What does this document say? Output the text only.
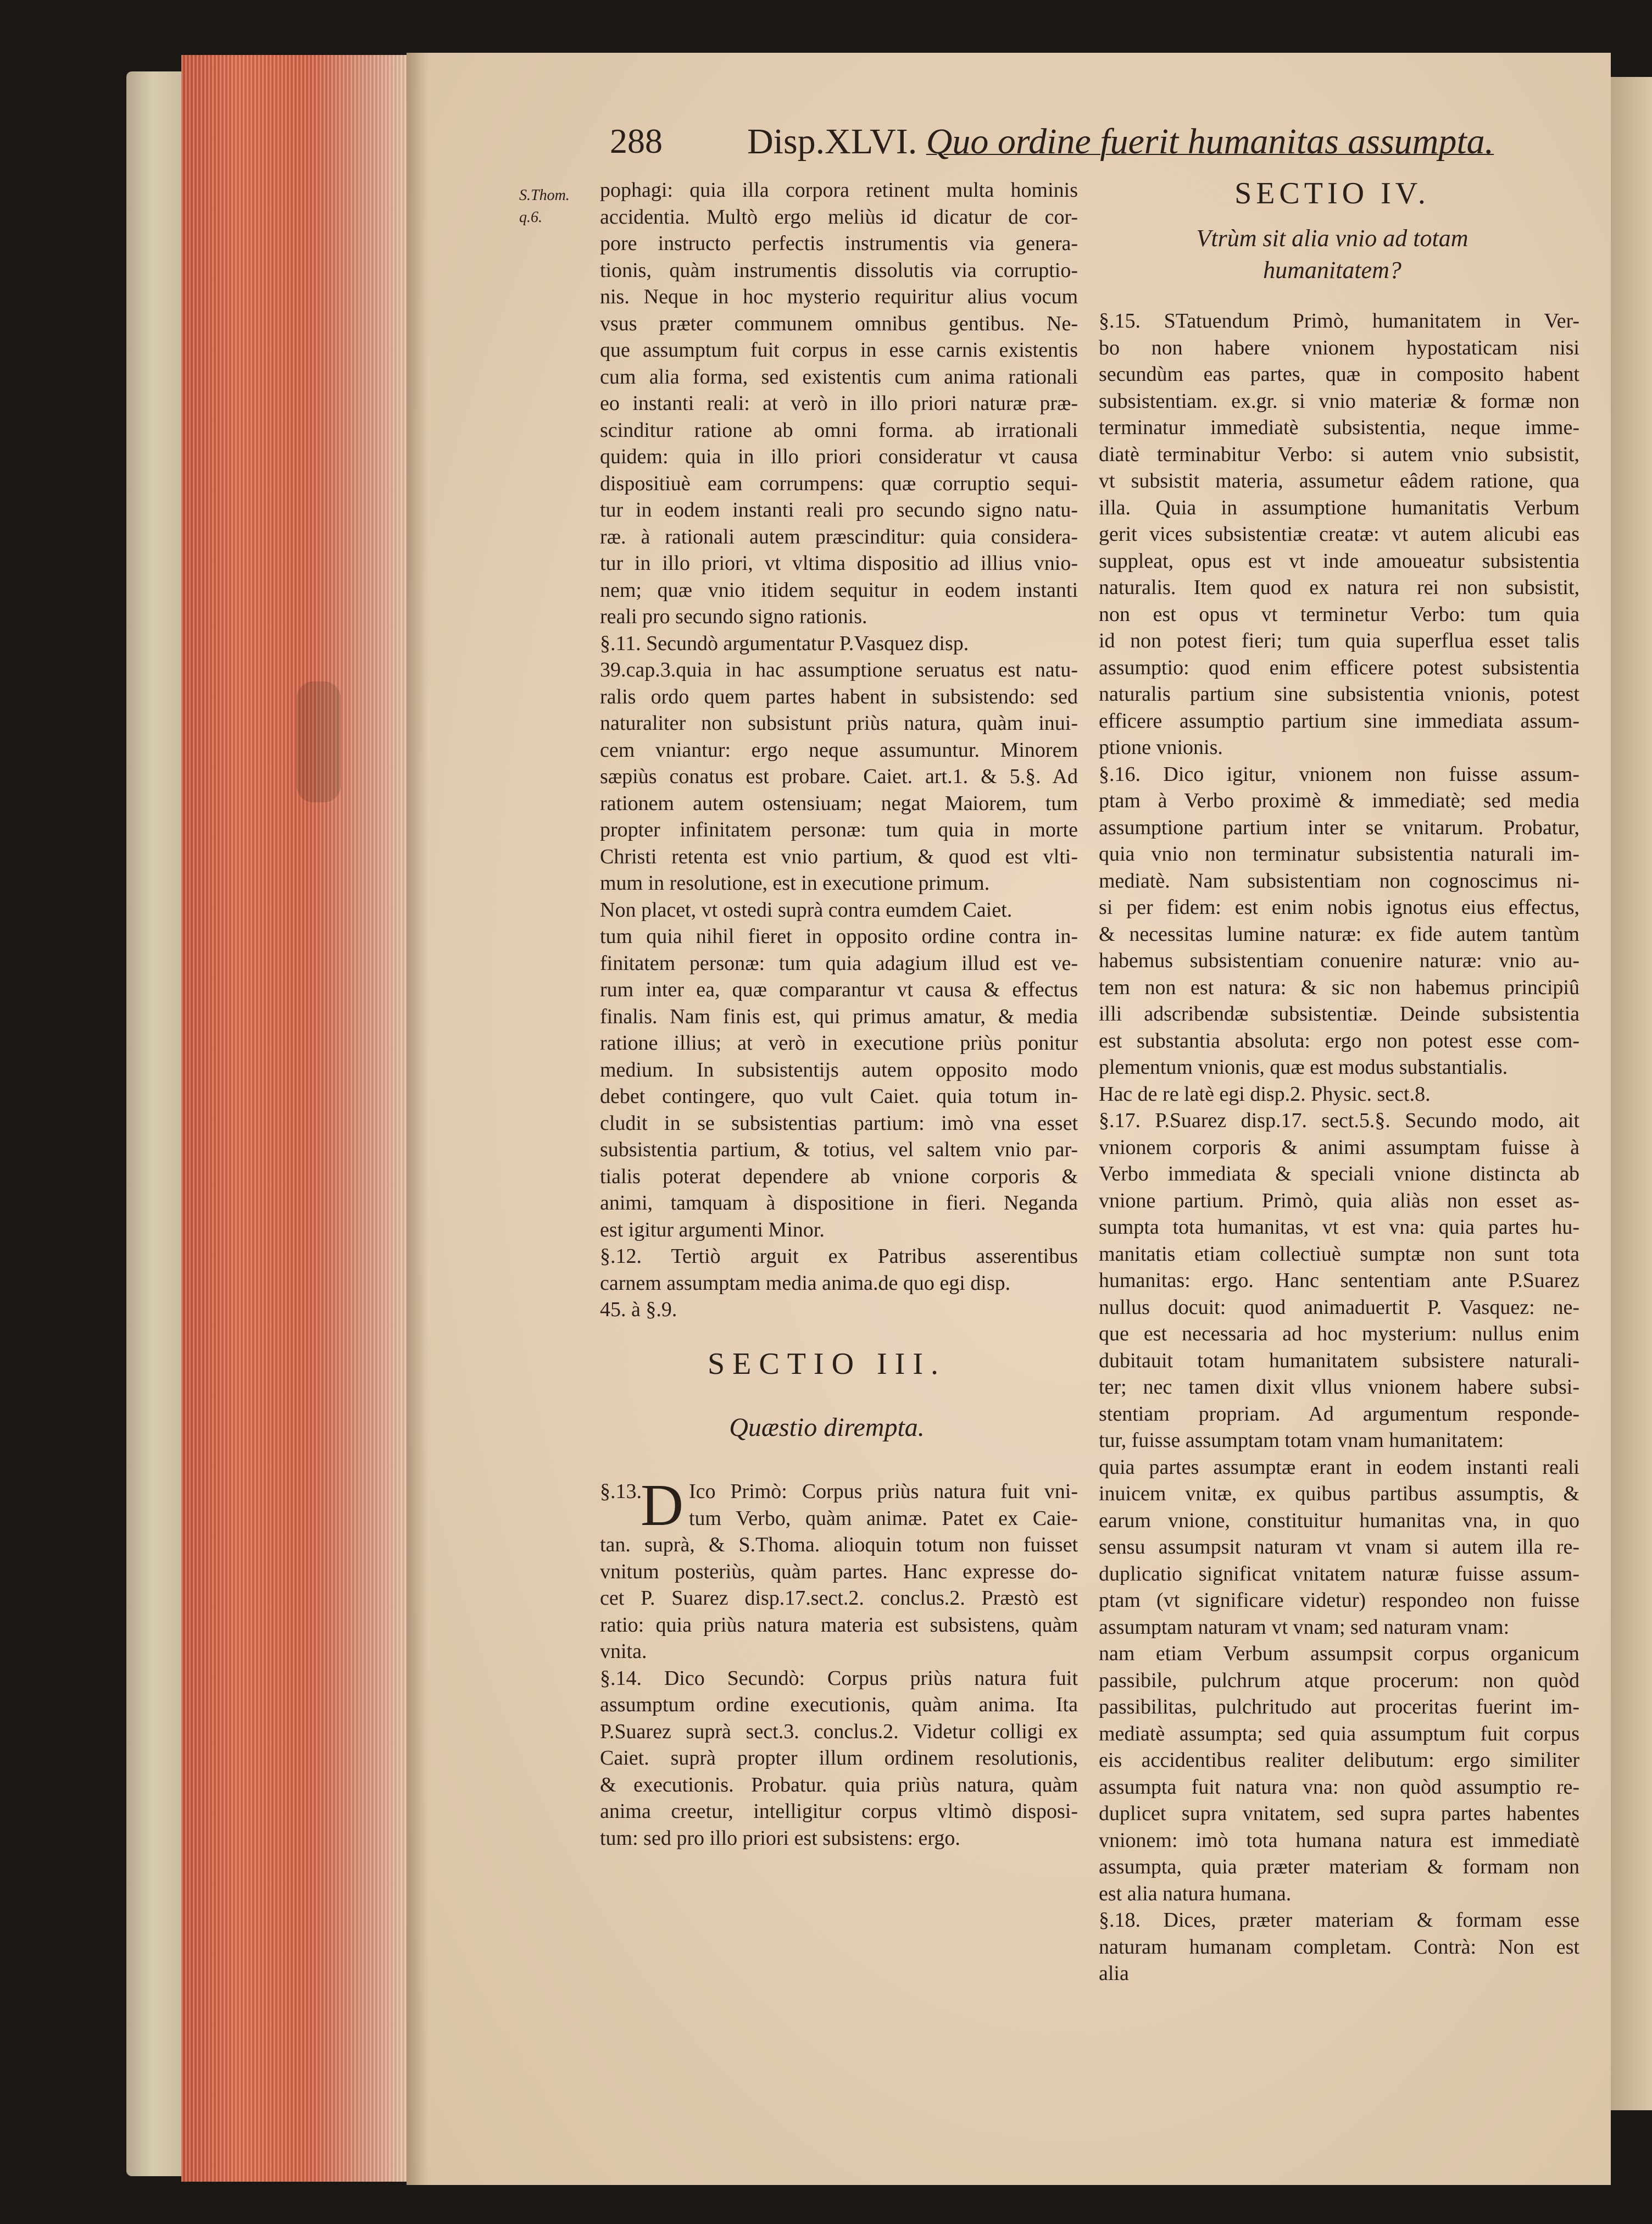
288 Disp.XLVI. Quo ordine fuerit humanitas assumpta.
S.Thom.
q.6.
pophagi: quia illa corpora retinent multa hominis
accidentia. Multò ergo meliùs id dicatur de cor-
pore instructo perfectis instrumentis via genera-
tionis, quàm instrumentis dissolutis via corruptio-
nis. Neque in hoc mysterio requiritur alius vocum
vsus præter communem omnibus gentibus. Ne-
que assumptum fuit corpus in esse carnis existentis
cum alia forma, sed existentis cum anima rationali
eo instanti reali: at verò in illo priori naturæ præ-
scinditur ratione ab omni forma. ab irrationali
quidem: quia in illo priori consideratur vt causa
dispositiuè eam corrumpens: quæ corruptio sequi-
tur in eodem instanti reali pro secundo signo natu-
ræ. à rationali autem præscinditur: quia considera-
tur in illo priori, vt vltima dispositio ad illius vnio-
nem; quæ vnio itidem sequitur in eodem instanti
reali pro secundo signo rationis.
§.11. Secundò argumentatur P.Vasquez disp.
39.cap.3.quia in hac assumptione seruatus est natu-
ralis ordo quem partes habent in subsistendo: sed
naturaliter non subsistunt priùs natura, quàm inui-
cem vniantur: ergo neque assumuntur. Minorem
sæpiùs conatus est probare. Caiet. art.1. & 5.§. Ad
rationem autem ostensiuam; negat Maiorem, tum
propter infinitatem personæ: tum quia in morte
Christi retenta est vnio partium, & quod est vlti-
mum in resolutione, est in executione primum.
Non placet, vt ostedi suprà contra eumdem Caiet.
tum quia nihil fieret in opposito ordine contra in-
finitatem personæ: tum quia adagium illud est ve-
rum inter ea, quæ comparantur vt causa & effectus
finalis. Nam finis est, qui primus amatur, & media
ratione illius; at verò in executione priùs ponitur
medium. In subsistentijs autem opposito modo
debet contingere, quo vult Caiet. quia totum in-
cludit in se subsistentias partium: imò vna esset
subsistentia partium, & totius, vel saltem vnio par-
tialis poterat dependere ab vnione corporis &
animi, tamquam à dispositione in fieri. Neganda
est igitur argumenti Minor.
§.12. Tertiò arguit ex Patribus asserentibus
carnem assumptam media anima.de quo egi disp.
45. à §.9.
SECTIO III.
Quæstio dirempta.
§.13.
D Ico Primò: Corpus priùs natura fuit vni-
tum Verbo, quàm animæ. Patet ex Caie-
tan. suprà, & S.Thoma. alioquin totum non fuisset
vnitum posteriùs, quàm partes. Hanc expresse do-
cet P. Suarez disp.17.sect.2. conclus.2. Præstò est
ratio: quia priùs natura materia est subsistens, quàm
vnita.
§.14. Dico Secundò: Corpus priùs natura fuit
assumptum ordine executionis, quàm anima. Ita
P.Suarez suprà sect.3. conclus.2. Videtur colligi ex
Caiet. suprà propter illum ordinem resolutionis,
& executionis. Probatur. quia priùs natura, quàm
anima creetur, intelligitur corpus vltimò disposi-
tum: sed pro illo priori est subsistens: ergo.
SECTIO IV.
Vtrùm sit alia vnio ad totam
humanitatem?
§.15. STatuendum Primò, humanitatem in Ver-
bo non habere vnionem hypostaticam nisi
secundùm eas partes, quæ in composito habent
subsistentiam. ex.gr. si vnio materiæ & formæ non
terminatur immediatè subsistentia, neque imme-
diatè terminabitur Verbo: si autem vnio subsistit,
vt subsistit materia, assumetur eâdem ratione, qua
illa. Quia in assumptione humanitatis Verbum
gerit vices subsistentiæ creatæ: vt autem alicubi eas
suppleat, opus est vt inde amoueatur subsistentia
naturalis. Item quod ex natura rei non subsistit,
non est opus vt terminetur Verbo: tum quia
id non potest fieri; tum quia superflua esset talis
assumptio: quod enim efficere potest subsistentia
naturalis partium sine subsistentia vnionis, potest
efficere assumptio partium sine immediata assum-
ptione vnionis.
§.16. Dico igitur, vnionem non fuisse assum-
ptam à Verbo proximè & immediatè; sed media
assumptione partium inter se vnitarum. Probatur,
quia vnio non terminatur subsistentia naturali im-
mediatè. Nam subsistentiam non cognoscimus ni-
si per fidem: est enim nobis ignotus eius effectus,
& necessitas lumine naturæ: ex fide autem tantùm
habemus subsistentiam conuenire naturæ: vnio au-
tem non est natura: & sic non habemus principiû
illi adscribendæ subsistentiæ. Deinde subsistentia
est substantia absoluta: ergo non potest esse com-
plementum vnionis, quæ est modus substantialis.
Hac de re latè egi disp.2. Physic. sect.8.
§.17. P.Suarez disp.17. sect.5.§. Secundo modo, ait
vnionem corporis & animi assumptam fuisse à
Verbo immediata & speciali vnione distincta ab
vnione partium. Primò, quia aliàs non esset as-
sumpta tota humanitas, vt est vna: quia partes hu-
manitatis etiam collectiuè sumptæ non sunt tota
humanitas: ergo. Hanc sententiam ante P.Suarez
nullus docuit: quod animaduertit P. Vasquez: ne-
que est necessaria ad hoc mysterium: nullus enim
dubitauit totam humanitatem subsistere naturali-
ter; nec tamen dixit vllus vnionem habere subsi-
stentiam propriam. Ad argumentum responde-
tur, fuisse assumptam totam vnam humanitatem:
quia partes assumptæ erant in eodem instanti reali
inuicem vnitæ, ex quibus partibus assumptis, &
earum vnione, constituitur humanitas vna, in quo
sensu assumpsit naturam vt vnam si autem illa re-
duplicatio significat vnitatem naturæ fuisse assum-
ptam (vt significare videtur) respondeo non fuisse
assumptam naturam vt vnam; sed naturam vnam:
nam etiam Verbum assumpsit corpus organicum
passibile, pulchrum atque procerum: non quòd
passibilitas, pulchritudo aut proceritas fuerint im-
mediatè assumpta; sed quia assumptum fuit corpus
eis accidentibus realiter delibutum: ergo similiter
assumpta fuit natura vna: non quòd assumptio re-
duplicet supra vnitatem, sed supra partes habentes
vnionem: imò tota humana natura est immediatè
assumpta, quia præter materiam & formam non
est alia natura humana.
§.18. Dices, præter materiam & formam esse
naturam humanam completam. Contrà: Non est
alia
